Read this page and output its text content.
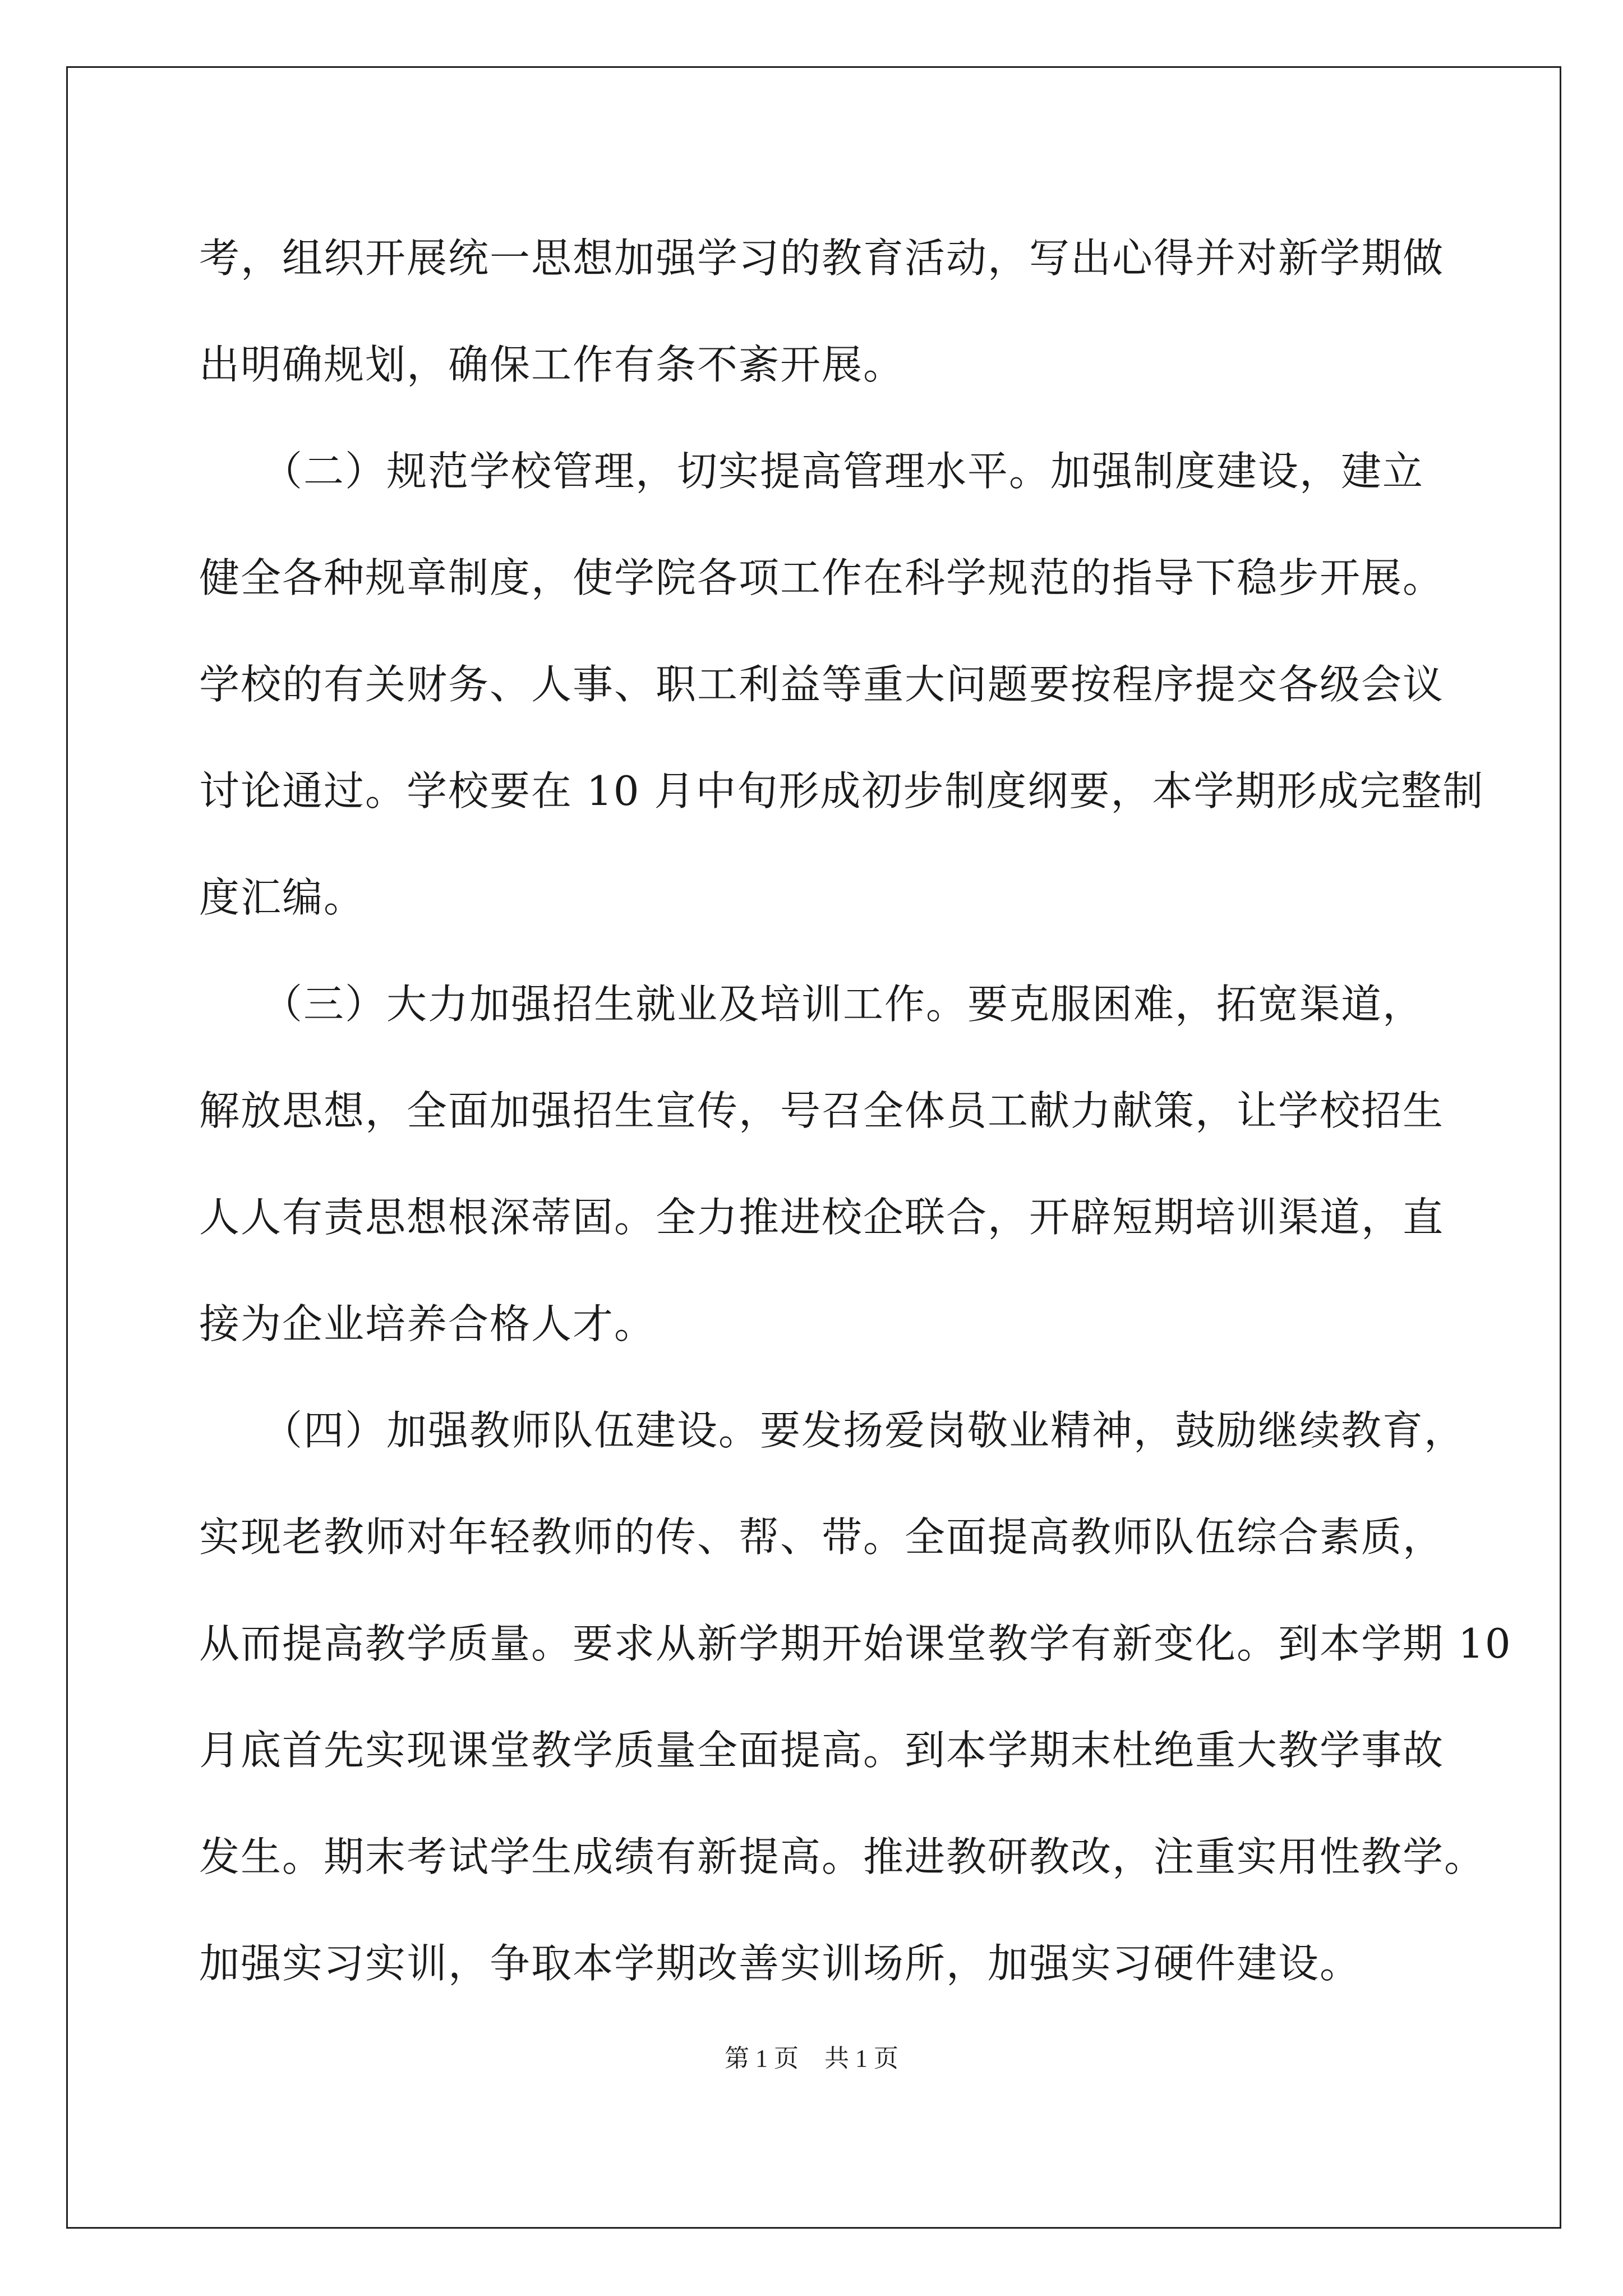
考，组织开展统一思想加强学习的教育活动，写出心得并对新学期做
出明确规划，确保工作有条不紊开展。
　　（二）规范学校管理，切实提高管理水平。加强制度建设，建立
健全各种规章制度，使学院各项工作在科学规范的指导下稳步开展。
学校的有关财务、人事、职工利益等重大问题要按程序提交各级会议
讨论通过。学校要在 10 月中旬形成初步制度纲要，本学期形成完整制
度汇编。
　　（三）大力加强招生就业及培训工作。要克服困难，拓宽渠道，
解放思想，全面加强招生宣传，号召全体员工献力献策，让学校招生
人人有责思想根深蒂固。全力推进校企联合，开辟短期培训渠道，直
接为企业培养合格人才。
　　（四）加强教师队伍建设。要发扬爱岗敬业精神，鼓励继续教育，
实现老教师对年轻教师的传、帮、带。全面提高教师队伍综合素质，
从而提高教学质量。要求从新学期开始课堂教学有新变化。到本学期 10
月底首先实现课堂教学质量全面提高。到本学期末杜绝重大教学事故
发生。期末考试学生成绩有新提高。推进教研教改，注重实用性教学。
加强实习实训，争取本学期改善实训场所，加强实习硬件建设。
第 1 页 共 1 页
